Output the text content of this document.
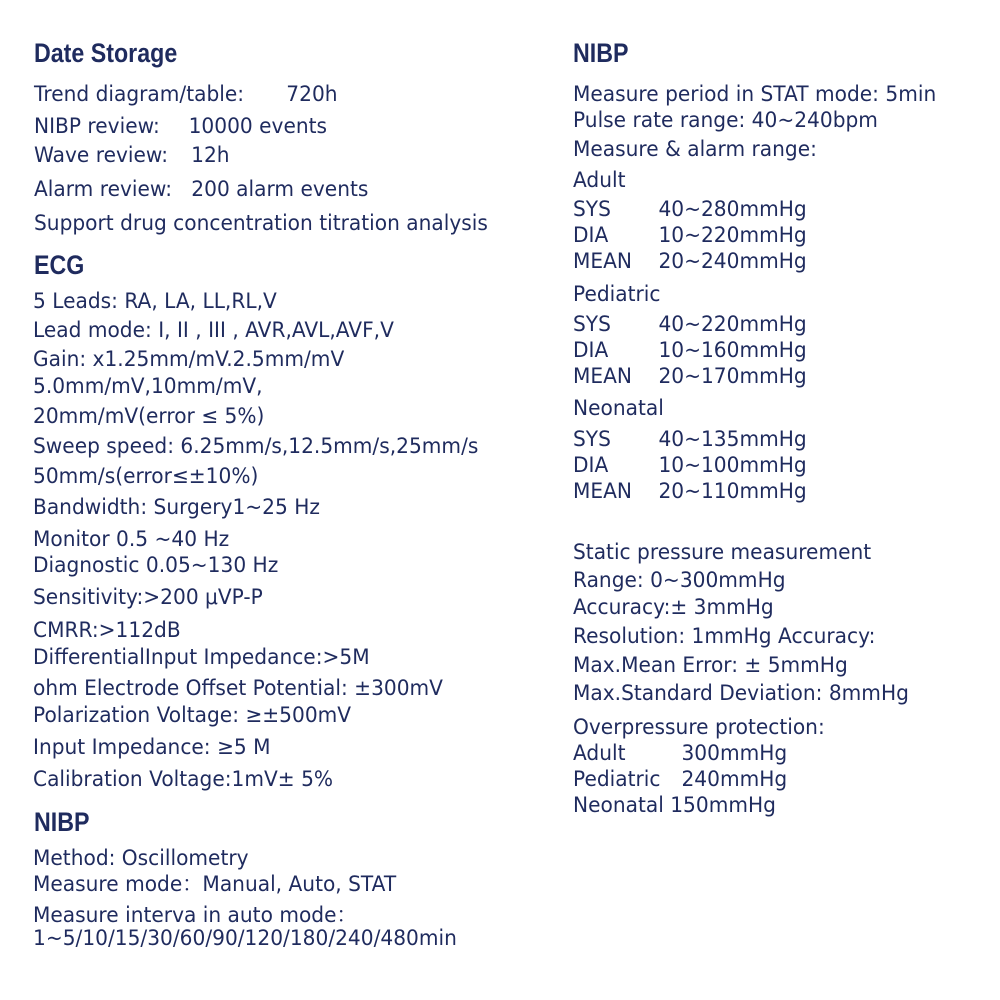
Date Storage
Trend diagram/table: 720h
NIBP review: 10000 events
Wave review: 12h
Alarm review: 200 alarm events
Support drug concentration titration analysis
ECG
5 Leads: RA, LA, LL,RL,V
Lead mode: I, II , III , AVR,AVL,AVF,V
Gain: x1.25mm/mV.2.5mm/mV
5.0mm/mV,10mm/mV,
20mm/mV(error ≤ 5%)
Sweep speed: 6.25mm/s,12.5mm/s,25mm/s
50mm/s(error≤±10%)
Bandwidth: Surgery1~25 Hz
Monitor 0.5 ~40 Hz
Diagnostic 0.05~130 Hz
Sensitivity:>200 μVP-P
CMRR:>112dB
DifferentialInput Impedance:>5M
ohm Electrode Offset Potential: ±300mV
Polarization Voltage: ≥±500mV
Input Impedance: ≥5 M
Calibration Voltage:1mV± 5%
NIBP
Method: Oscillometry
Measure mode：Manual, Auto, STAT
Measure interva in auto mode：
1~5/10/15/30/60/90/120/180/240/480min
NIBP
Measure period in STAT mode: 5min
Pulse rate range: 40~240bpm
Measure & alarm range:
Adult
SYS 40~280mmHg
DIA 10~220mmHg
MEAN 20~240mmHg
Pediatric
SYS 40~220mmHg
DIA 10~160mmHg
MEAN 20~170mmHg
Neonatal
SYS 40~135mmHg
DIA 10~100mmHg
MEAN 20~110mmHg
Static pressure measurement
Range: 0~300mmHg
Accuracy:± 3mmHg
Resolution: 1mmHg Accuracy:
Max.Mean Error: ± 5mmHg
Max.Standard Deviation: 8mmHg
Overpressure protection:
Adult	300mmHg
Pediatric 240mmHg
Neonatal 150mmHg
